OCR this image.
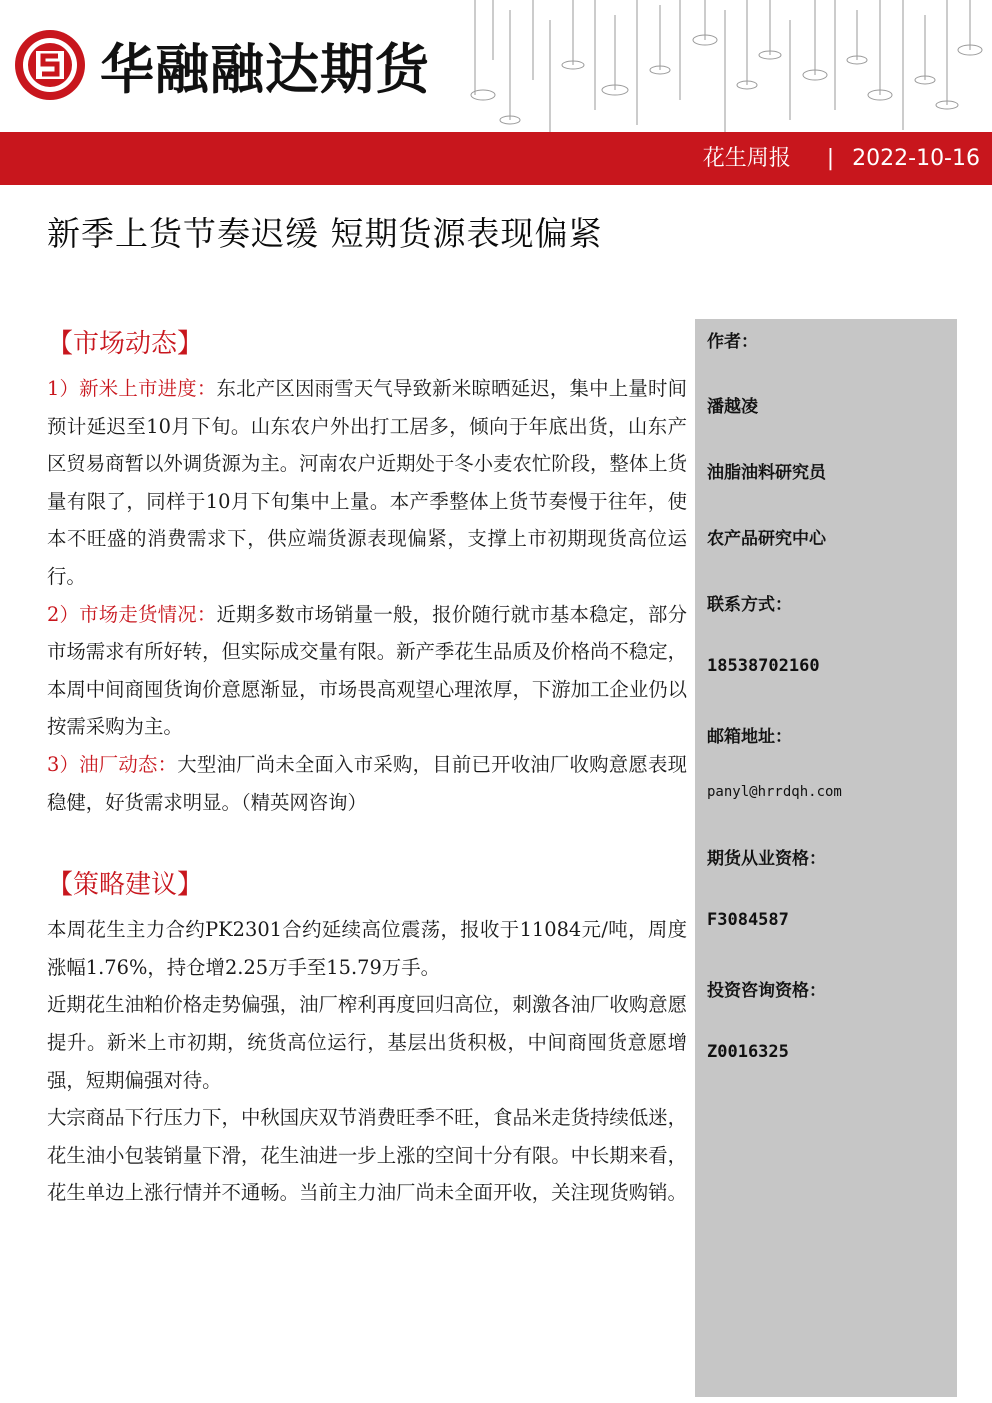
华融融达期货
花生周报 | 2022-10-16
新季上货节奏迟缓 短期货源表现偏紧
【市场动态】

1）新米上市进度：东北产区因雨雪天气导致新米晾晒延迟，集中上量时间预计延迟至10月下旬。山东农户外出打工居多，倾向于年底出货，山东产区贸易商暂以外调货源为主。河南农户近期处于冬小麦农忙阶段，整体上货量有限了，同样于10月下旬集中上量。本产季整体上货节奏慢于往年，使本不旺盛的消费需求下，供应端货源表现偏紧，支撑上市初期现货高位运行。

2）市场走货情况：近期多数市场销量一般，报价随行就市基本稳定，部分市场需求有所好转，但实际成交量有限。新产季花生品质及价格尚不稳定，本周中间商囤货询价意愿渐显，市场畏高观望心理浓厚，下游加工企业仍以按需采购为主。

3）油厂动态：大型油厂尚未全面入市采购，目前已开收油厂收购意愿表现稳健，好货需求明显。（精英网咨询）

【策略建议】

本周花生主力合约PK2301合约延续高位震荡，报收于11084元/吨，周度涨幅1.76%，持仓增2.25万手至15.79万手。

近期花生油粕价格走势偏强，油厂榨利再度回归高位，刺激各油厂收购意愿提升。新米上市初期，统货高位运行，基层出货积极，中间商囤货意愿增强，短期偏强对待。

大宗商品下行压力下，中秋国庆双节消费旺季不旺，食品米走货持续低迷，花生油小包装销量下滑，花生油进一步上涨的空间十分有限。中长期来看，花生单边上涨行情并不通畅。当前主力油厂尚未全面开收，关注现货购销。

作者：
潘越凌
油脂油料研究员
农产品研究中心
联系方式：
18538702160
邮箱地址：
panyl@hrrdqh.com
期货从业资格：
F3084587
投资咨询资格：
Z0016325
